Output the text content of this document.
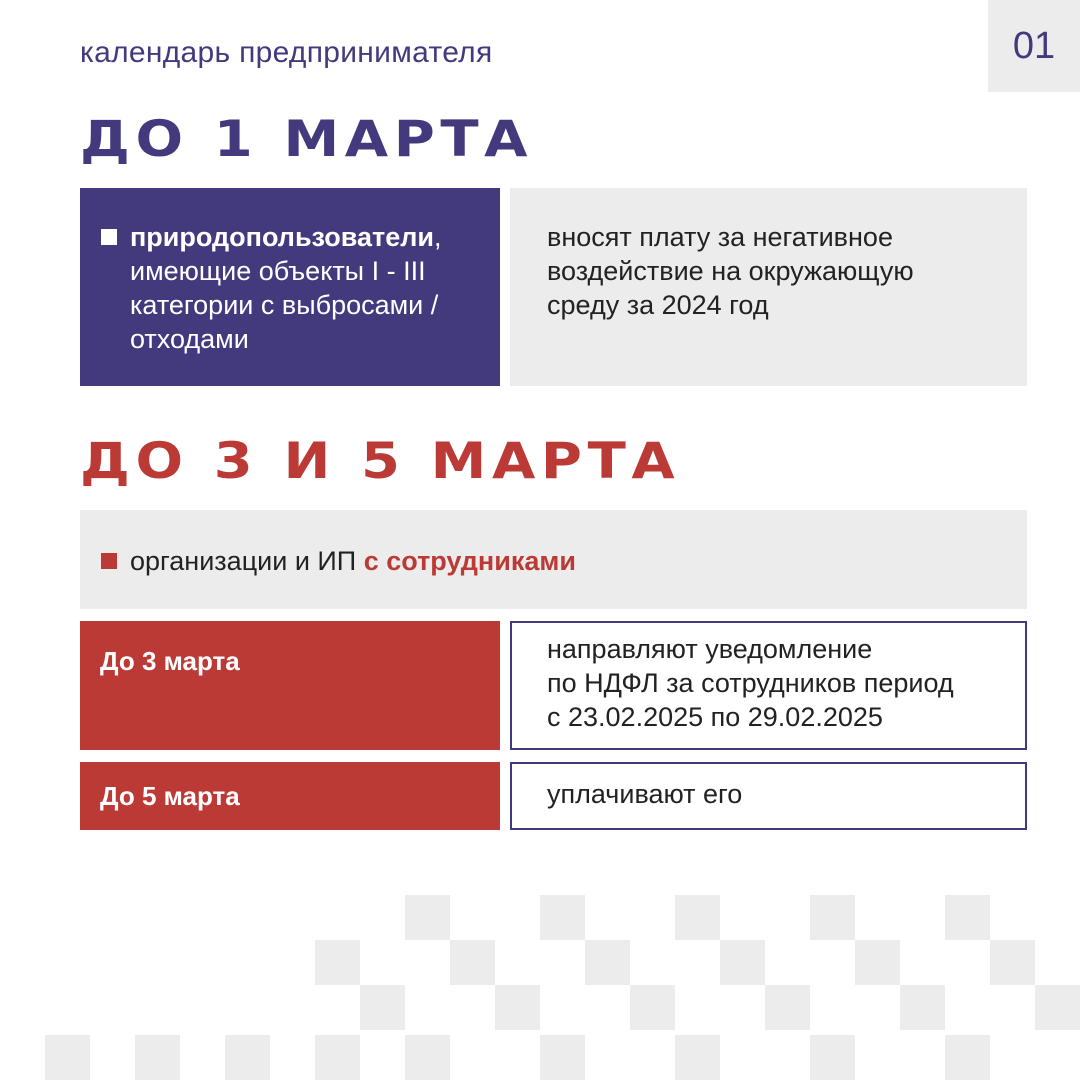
календарь предпринимателя	01
ДО 1 МАРТА
природопользователи,
имеющие объекты I - III
категории с выбросами /
отходами
вносят плату за негативное
воздействие на окружающую
среду за 2024 год
ДО 3 И 5 МАРТА
организации и ИП с сотрудниками
До 3 марта	направляют уведомление
по НДФЛ за сотрудников период
с 23.02.2025 по 29.02.2025
До 5 марта	уплачивают его
